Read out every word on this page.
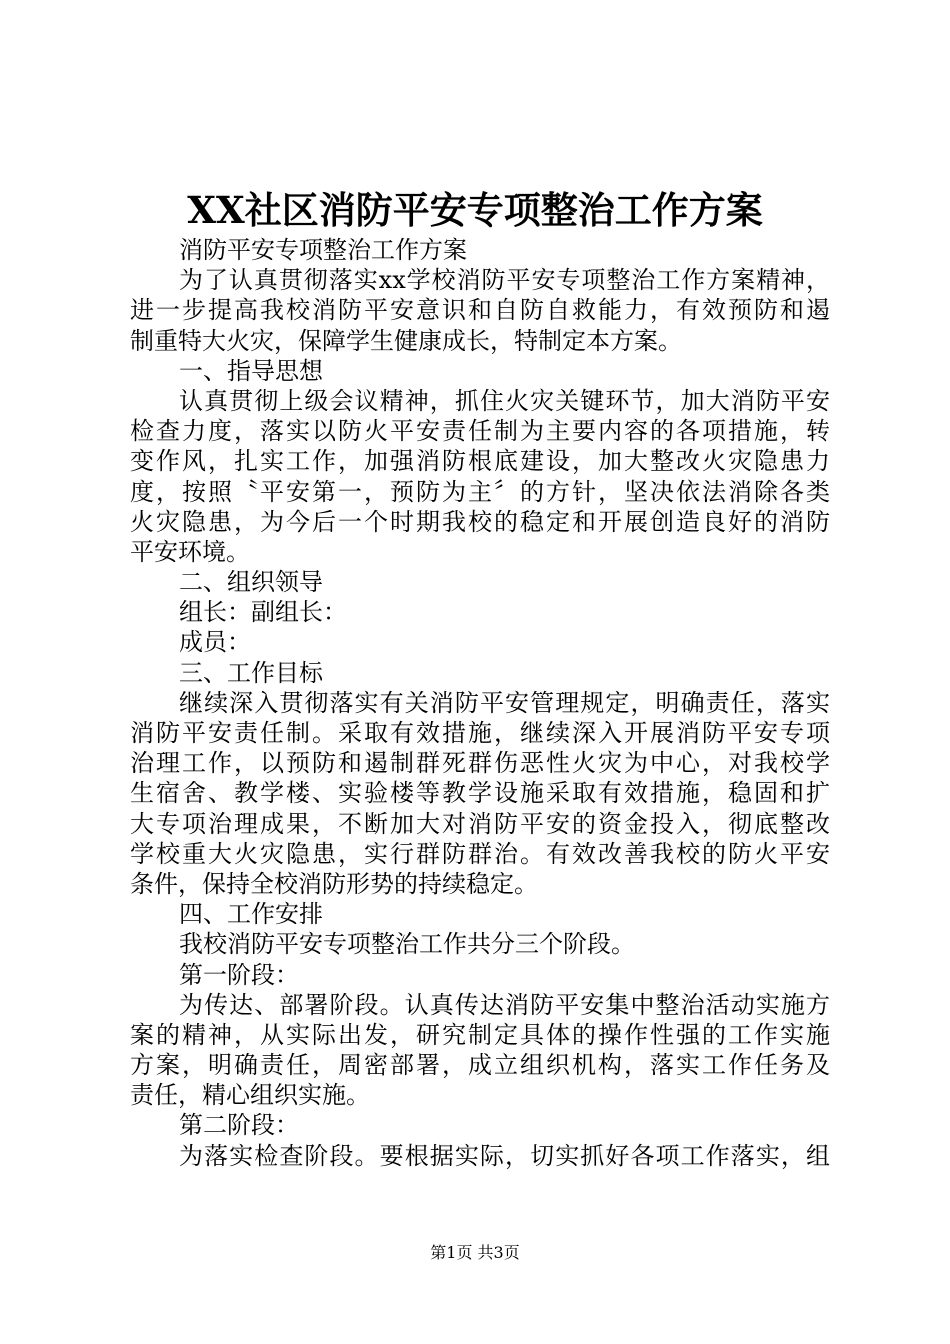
XX社区消防平安专项整治工作方案
消防平安专项整治工作方案
为了认真贯彻落实xx学校消防平安专项整治工作方案精神，
进一步提高我校消防平安意识和自防自救能力，有效预防和遏
制重特大火灾，保障学生健康成长，特制定本方案。
一、指导思想
认真贯彻上级会议精神，抓住火灾关键环节，加大消防平安
检查力度，落实以防火平安责任制为主要内容的各项措施，转
变作风，扎实工作，加强消防根底建设，加大整改火灾隐患力
度，按照〝平安第一，预防为主〞的方针，坚决依法消除各类
火灾隐患，为今后一个时期我校的稳定和开展创造良好的消防
平安环境。
二、组织领导
组长：副组长：
成员：
三、工作目标
继续深入贯彻落实有关消防平安管理规定，明确责任，落实
消防平安责任制。采取有效措施，继续深入开展消防平安专项
治理工作，以预防和遏制群死群伤恶性火灾为中心，对我校学
生宿舍、教学楼、实验楼等教学设施采取有效措施，稳固和扩
大专项治理成果，不断加大对消防平安的资金投入，彻底整改
学校重大火灾隐患，实行群防群治。有效改善我校的防火平安
条件，保持全校消防形势的持续稳定。
四、工作安排
我校消防平安专项整治工作共分三个阶段。
第一阶段：
为传达、部署阶段。认真传达消防平安集中整治活动实施方
案的精神，从实际出发，研究制定具体的操作性强的工作实施
方案，明确责任，周密部署，成立组织机构，落实工作任务及
责任，精心组织实施。
第二阶段：
为落实检查阶段。要根据实际，切实抓好各项工作落实，组
第1页 共3页
